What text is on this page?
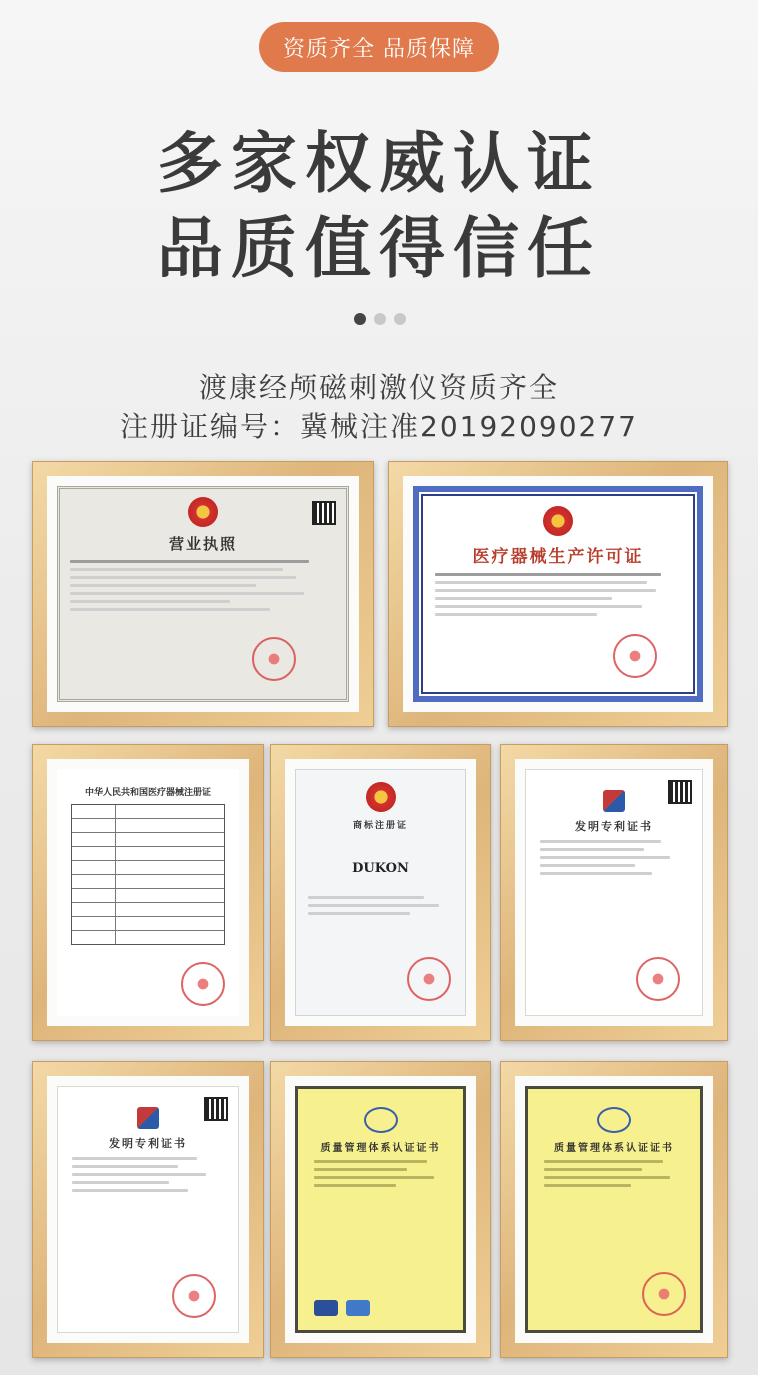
资质齐全 品质保障
多家权威认证
品质值得信任
渡康经颅磁刺激仪资质齐全
注册证编号：冀械注准20192090277
营业执照
医疗器械生产许可证
中华人民共和国医疗器械注册证
商标注册证
DUKON
发明专利证书
发明专利证书	质量管理体系认证证书	质量管理体系认证证书
